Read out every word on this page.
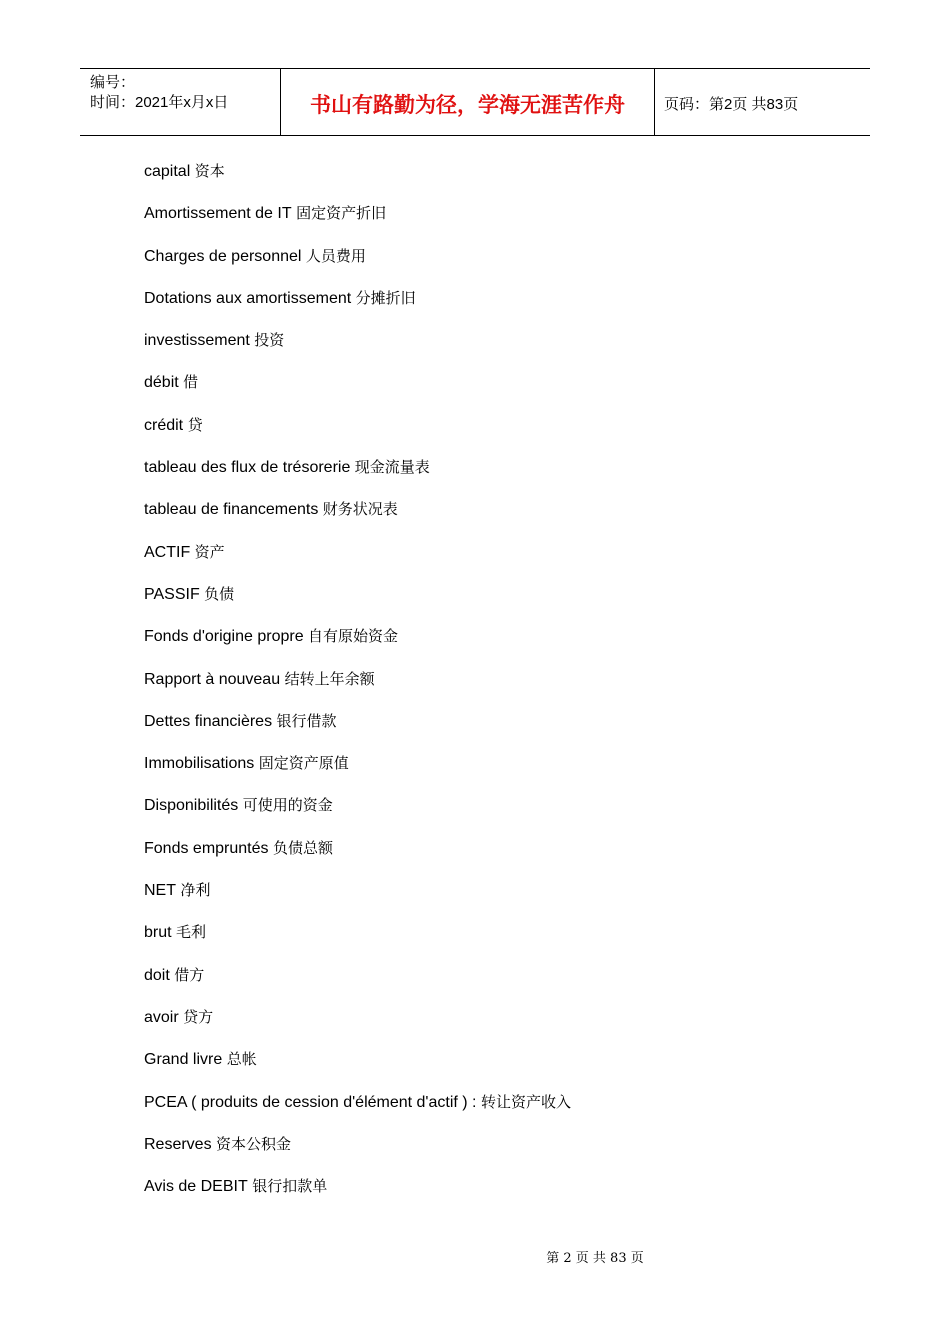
编号：
时间：2021年x月x日	书山有路勤为径，学海无涯苦作舟	页码：第2页 共83页
capital 资本
Amortissement de IT 固定资产折旧
Charges de personnel 人员费用
Dotations aux amortissement 分摊折旧
investissement 投资
débit 借
crédit 贷
tableau des flux de trésorerie 现金流量表
tableau de financements 财务状况表
ACTIF 资产
PASSIF 负债
Fonds d'origine propre 自有原始资金
Rapport à nouveau 结转上年余额
Dettes financières 银行借款
Immobilisations 固定资产原值
Disponibilités 可使用的资金
Fonds empruntés 负债总额
NET 净利
brut 毛利
doit 借方
avoir 贷方
Grand livre 总帐
PCEA ( produits de cession d'élément d'actif ) : 转让资产收入
Reserves 资本公积金
Avis de DEBIT 银行扣款单
第 2 页 共 83 页
